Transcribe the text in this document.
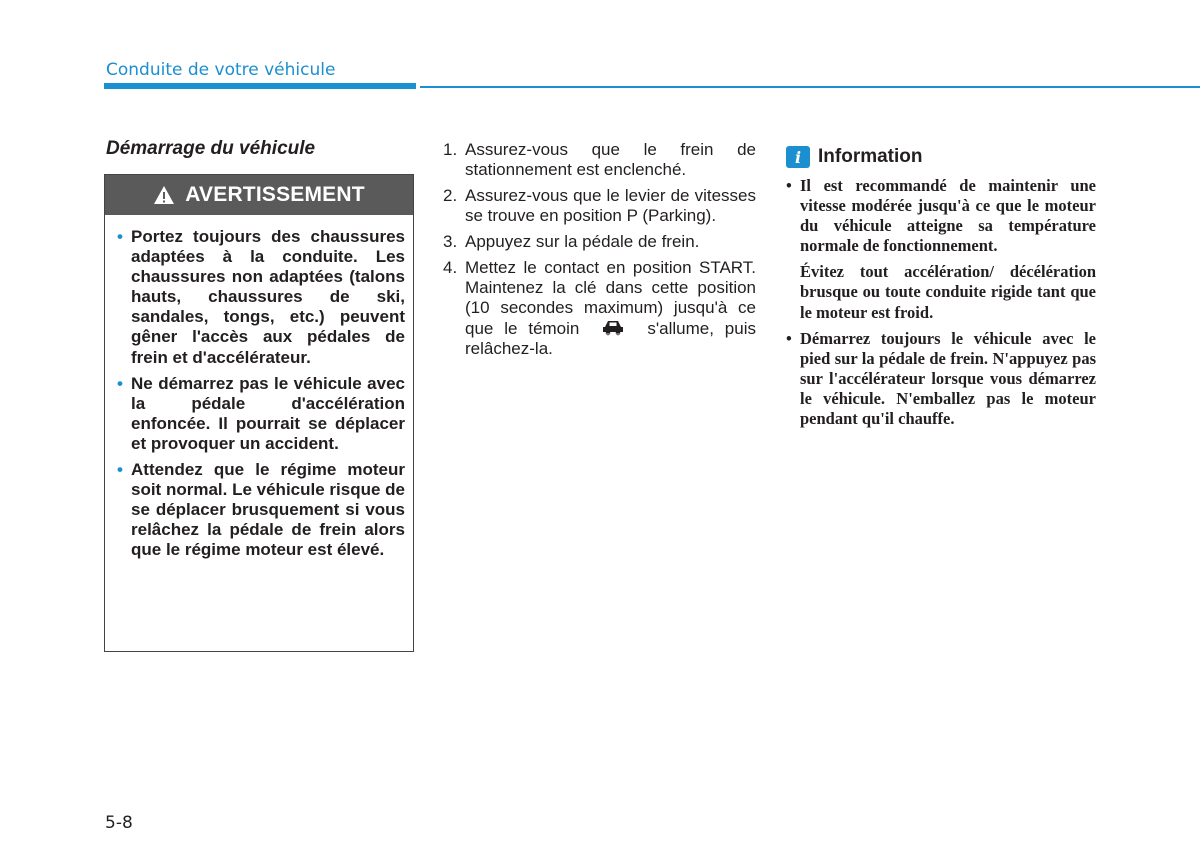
Conduite de votre véhicule
Démarrage du véhicule
AVERTISSEMENT
• Portez toujours des chaussures adaptées à la conduite. Les chaussures non adaptées (talons hauts, chaussures de ski, sandales, tongs, etc.) peuvent gêner l'accès aux pédales de frein et d'accélérateur.
• Ne démarrez pas le véhicule avec la pédale d'accélération enfoncée. Il pourrait se déplacer et provoquer un accident.
• Attendez que le régime moteur soit normal. Le véhicule risque de se déplacer brusquement si vous relâchez la pédale de frein alors que le régime moteur est élevé.
1. Assurez-vous que le frein de stationnement est enclenché.
2. Assurez-vous que le levier de vitesses se trouve en position P (Parking).
3. Appuyez sur la pédale de frein.
4. Mettez le contact en position START. Maintenez la clé dans cette position (10 secondes maximum) jusqu'à ce que le témoin	s'allume, puis relâchez-la.
i Information

• Il est recommandé de maintenir une vitesse modérée jusqu'à ce que le moteur du véhicule atteigne sa température normale de fonctionnement.

Évitez tout accélération/ décélération brusque ou toute conduite rigide tant que le moteur est froid.

• Démarrez toujours le véhicule avec le pied sur la pédale de frein. N'appuyez pas sur l'accélérateur lorsque vous démarrez le véhicule. N'emballez pas le moteur pendant qu'il chauffe.

5-8
